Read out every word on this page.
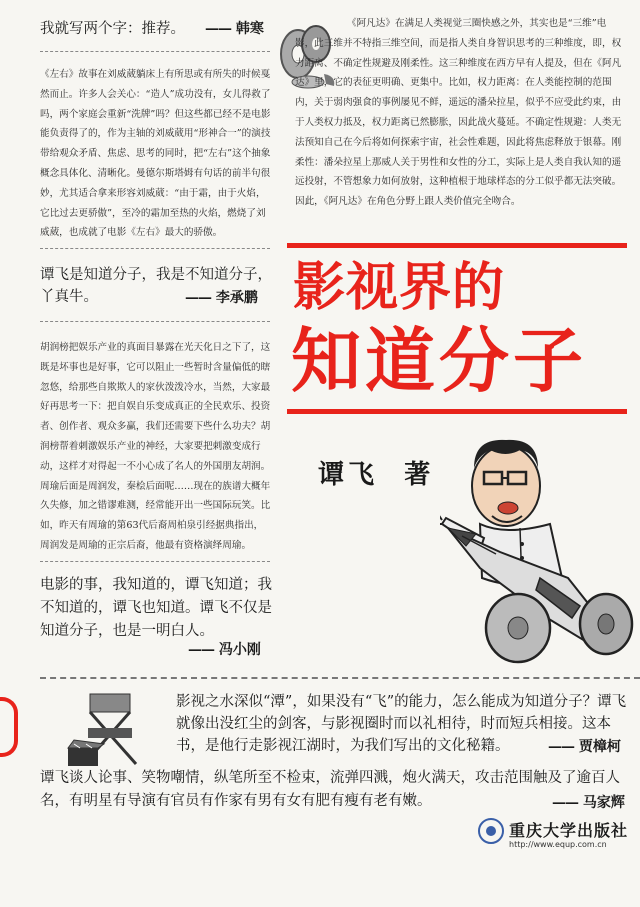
我就写两个字：推荐。	—— 韩寒
《左右》故事在刘威葳躺床上有所思或有所失的时候戛然而止。许多人会关心：“造人”成功没有，女儿得救了吗，两个家庭会重新“洗牌”吗？但这些都已经不是电影能负责得了的，作为主轴的刘威葳用“形神合一”的演技带给观众矛盾、焦虑、思考的同时，把“左右”这个抽象概念具体化、清晰化。曼德尔斯塔姆有句话的前半句很妙，尤其适合拿来形容刘威葳：“由于霜，由于火焰，它比过去更骄傲”，至冷的霜加至热的火焰，燃烧了刘威葳，也成就了电影《左右》最大的骄傲。
谭飞是知道分子，我是不知道分子，丫真牛。	—— 李承鹏
胡润榜把娱乐产业的真面目暴露在光天化日之下了，这既是坏事也是好事，它可以阻止一些暂时含量偏低的瞎忽悠，给那些自欺欺人的家伙泼泼冷水，当然，大家最好再思考一下：把自娱自乐变成真正的全民欢乐、投资者、创作者、观众多赢，我们还需要下些什么功夫？胡润榜帮着刺激娱乐产业的神经，大家要把刺激变成行动，这样才对得起一不小心成了名人的外国朋友胡润。周瑜后面是周润发，秦桧后面呢……现在的族谱大概年久失修，加之错谬难测，经常能开出一些国际玩笑。比如，昨天有周瑜的第63代后裔周柏泉引经据典指出，周润发是周瑜的正宗后裔，他最有资格演绎周瑜。
电影的事，我知道的，谭飞知道；我不知道的，谭飞也知道。谭飞不仅是知道分子，也是一明白人。
—— 冯小刚
《阿凡达》在满足人类视觉三圈快感之外，其实也是“三维”电影，此三维并不特指三维空间，而是指人类自身智识思考的三种维度，即，权力距离、不确定性规避及刚柔性。这三种维度在西方早有人提及，但在《阿凡达》里，它的表征更明确、更集中。比如，权力距离：在人类能控制的范围内，关于弱肉强食的事例屡见不鲜，遥远的潘朵拉星，似乎不应受此约束，由于人类权力抵及，权力距离已然膨胀，因此战火蔓延。不确定性规避：人类无法预知自己在今后将如何探索宇宙，社会性难题，因此将焦虑释放于银幕。刚柔性：潘朵拉星上那威人关于男性和女性的分工，实际上是人类自我认知的遥远投射，不管想象力如何放射，这种植根于地球样态的分工似乎都无法突破。因此，《阿凡达》在角色分野上跟人类价值完全吻合。
影视界的
知道分子

谭飞  著

影视之水深似“潭”，如果没有“飞”的能力，怎么能成为知道分子？谭飞就像出没红尘的剑客，与影视圈时而以礼相待，时而短兵相接。这本书，是他行走影视江湖时，为我们写出的文化秘籍。	—— 贾樟柯
谭飞谈人论事、笑物嘲情，纵笔所至不检束，流弹四溅，炮火满天，攻击范围触及了逾百人名，有明星有导演有官员有作家有男有女有肥有瘦有老有嫩。	—— 马家辉
重庆大学出版社
http://www.equp.com.cn
